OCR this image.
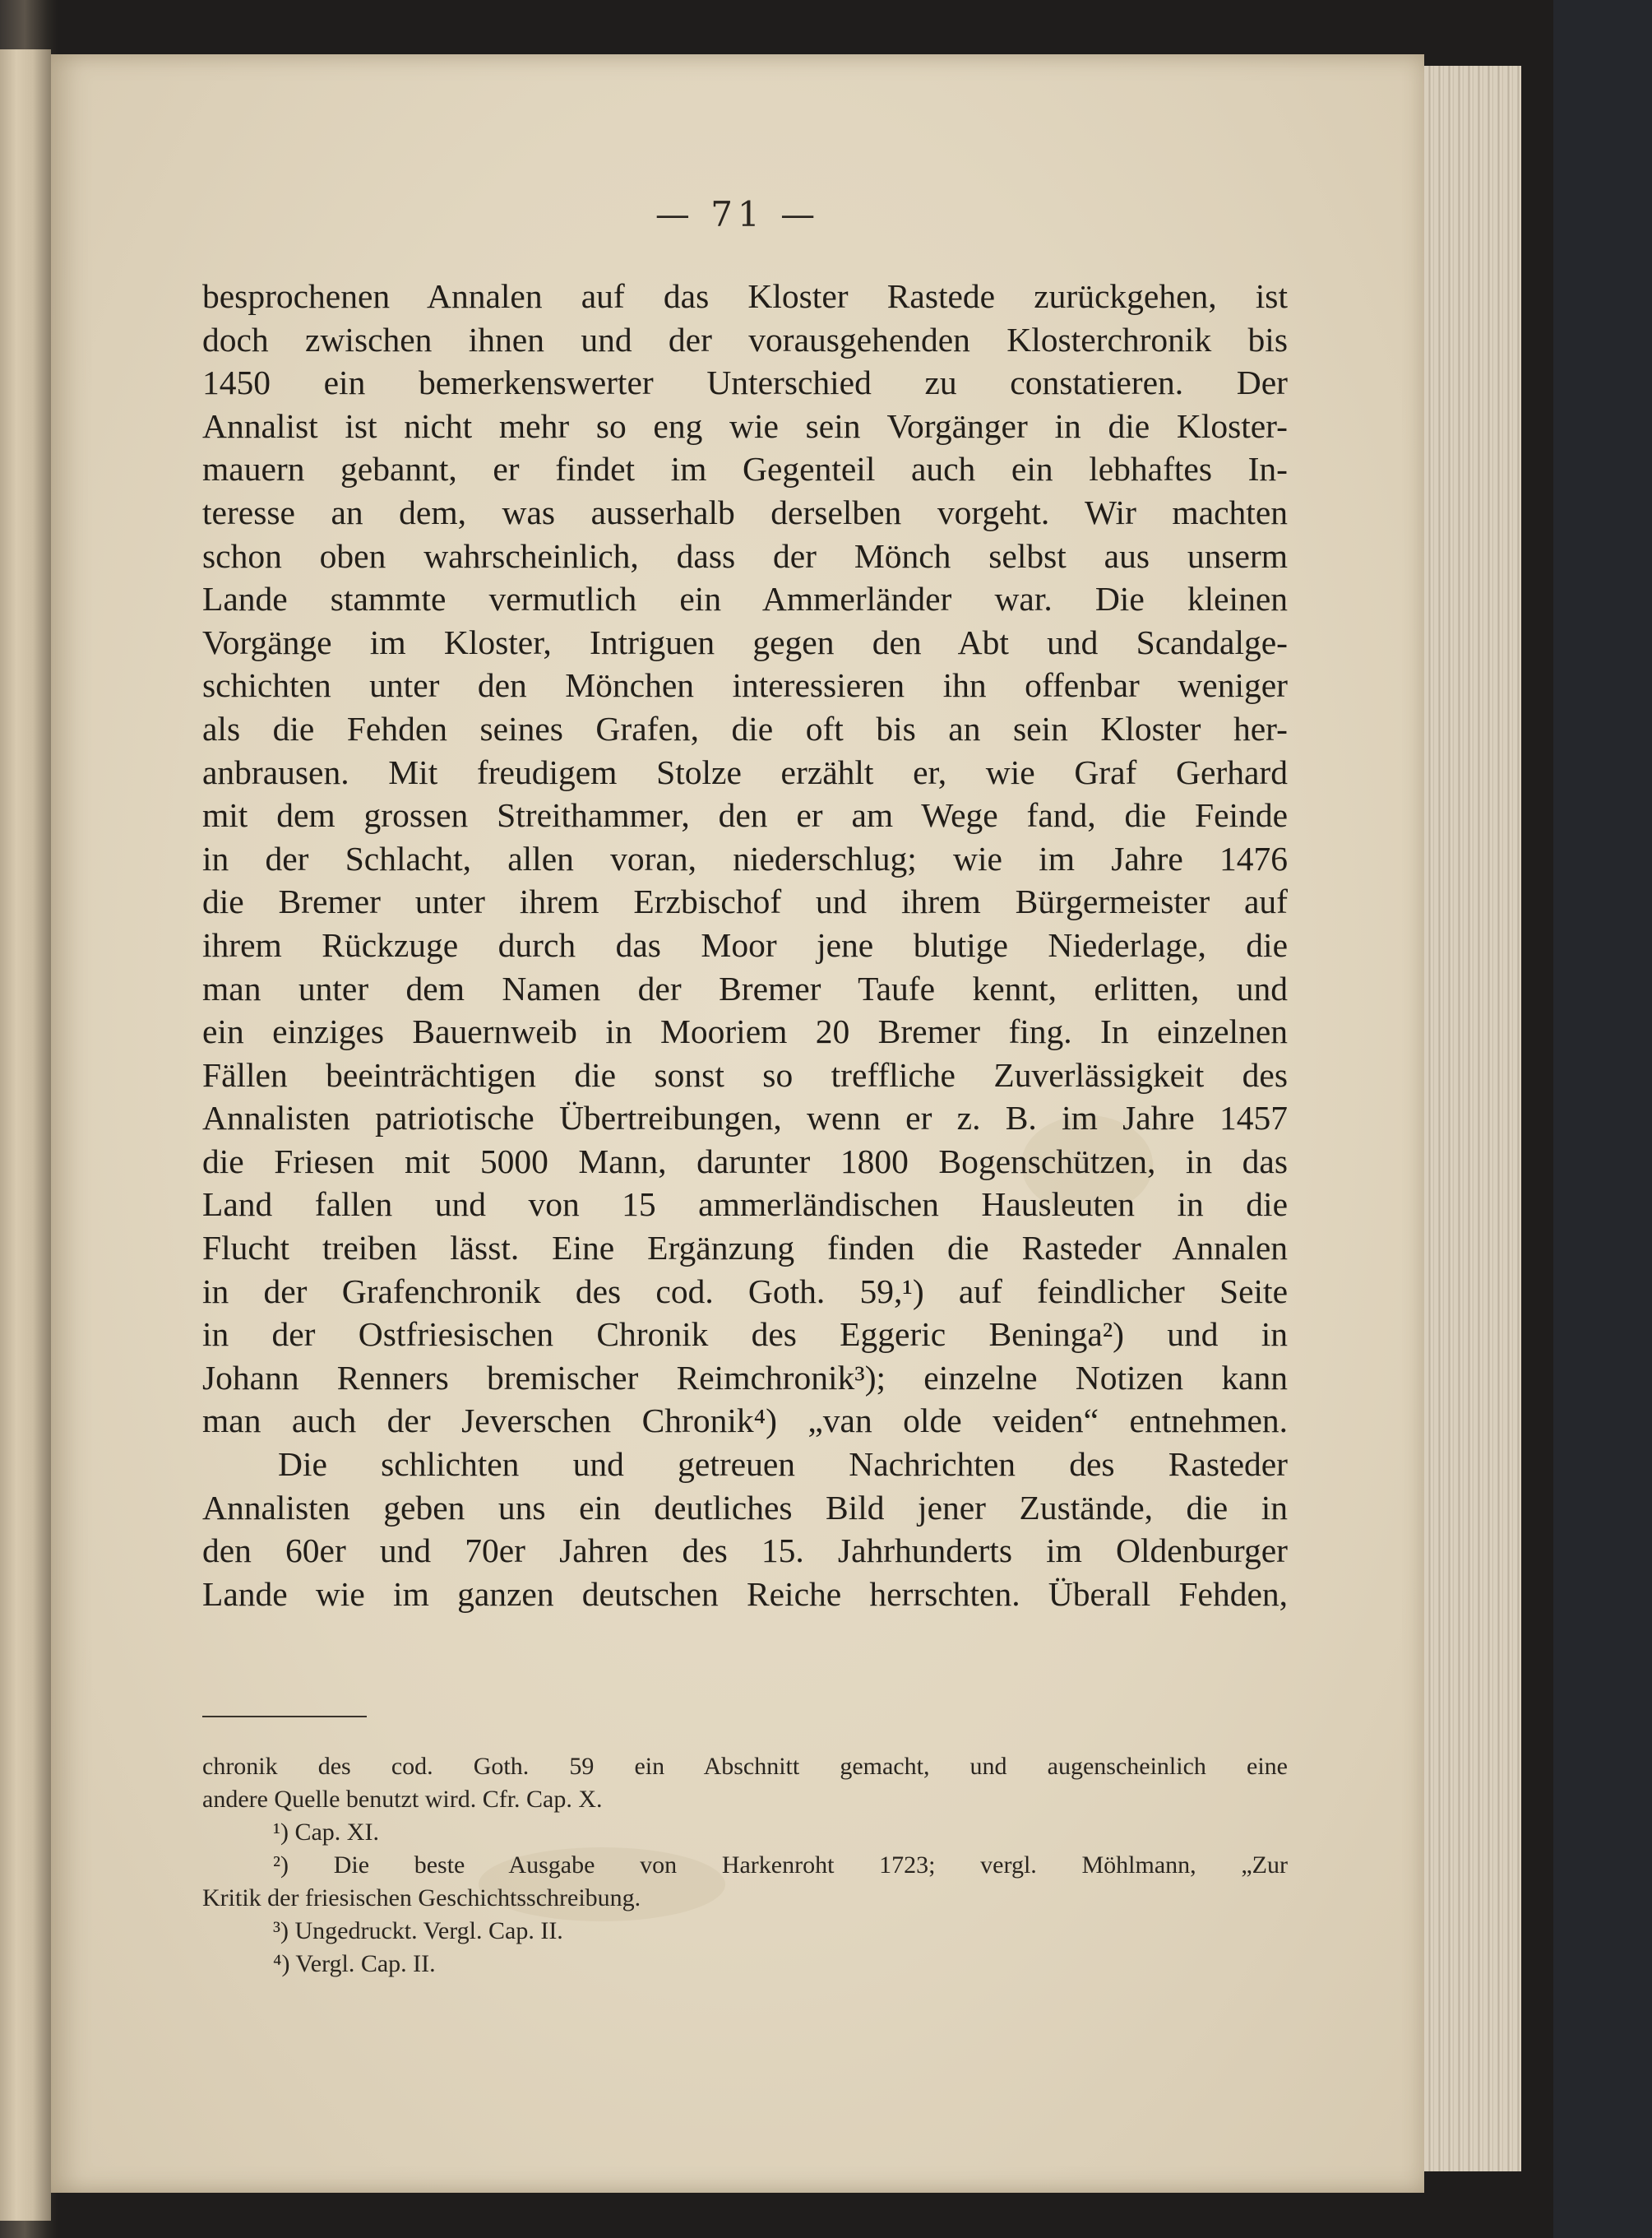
— 71 —
besprochenen Annalen auf das Kloster Rastede zurückgehen, ist
doch zwischen ihnen und der vorausgehenden Klosterchronik bis
1450 ein bemerkenswerter Unterschied zu constatieren. Der
Annalist ist nicht mehr so eng wie sein Vorgänger in die Kloster-
mauern gebannt, er findet im Gegenteil auch ein lebhaftes In-
teresse an dem, was ausserhalb derselben vorgeht. Wir machten
schon oben wahrscheinlich, dass der Mönch selbst aus unserm
Lande stammte vermutlich ein Ammerländer war. Die kleinen
Vorgänge im Kloster, Intriguen gegen den Abt und Scandalge-
schichten unter den Mönchen interessieren ihn offenbar weniger
als die Fehden seines Grafen, die oft bis an sein Kloster her-
anbrausen. Mit freudigem Stolze erzählt er, wie Graf Gerhard
mit dem grossen Streithammer, den er am Wege fand, die Feinde
in der Schlacht, allen voran, niederschlug; wie im Jahre 1476
die Bremer unter ihrem Erzbischof und ihrem Bürgermeister auf
ihrem Rückzuge durch das Moor jene blutige Niederlage, die
man unter dem Namen der Bremer Taufe kennt, erlitten, und
ein einziges Bauernweib in Mooriem 20 Bremer fing. In einzelnen
Fällen beeinträchtigen die sonst so treffliche Zuverlässigkeit des
Annalisten patriotische Übertreibungen, wenn er z. B. im Jahre 1457
die Friesen mit 5000 Mann, darunter 1800 Bogenschützen, in das
Land fallen und von 15 ammerländischen Hausleuten in die
Flucht treiben lässt. Eine Ergänzung finden die Rasteder Annalen
in der Grafenchronik des cod. Goth. 59,¹) auf feindlicher Seite
in der Ostfriesischen Chronik des Eggeric Beninga²) und in
Johann Renners bremischer Reimchronik³); einzelne Notizen kann
man auch der Jeverschen Chronik⁴) „van olde veiden“ entnehmen.
Die schlichten und getreuen Nachrichten des Rasteder
Annalisten geben uns ein deutliches Bild jener Zustände, die in
den 60er und 70er Jahren des 15. Jahrhunderts im Oldenburger
Lande wie im ganzen deutschen Reiche herrschten. Überall Fehden,
chronik des cod. Goth. 59 ein Abschnitt gemacht, und augenscheinlich eine
andere Quelle benutzt wird. Cfr. Cap. X.
¹) Cap. XI.
²) Die beste Ausgabe von Harkenroht 1723; vergl. Möhlmann, „Zur
Kritik der friesischen Geschichtsschreibung.
³) Ungedruckt. Vergl. Cap. II.
⁴) Vergl. Cap. II.
